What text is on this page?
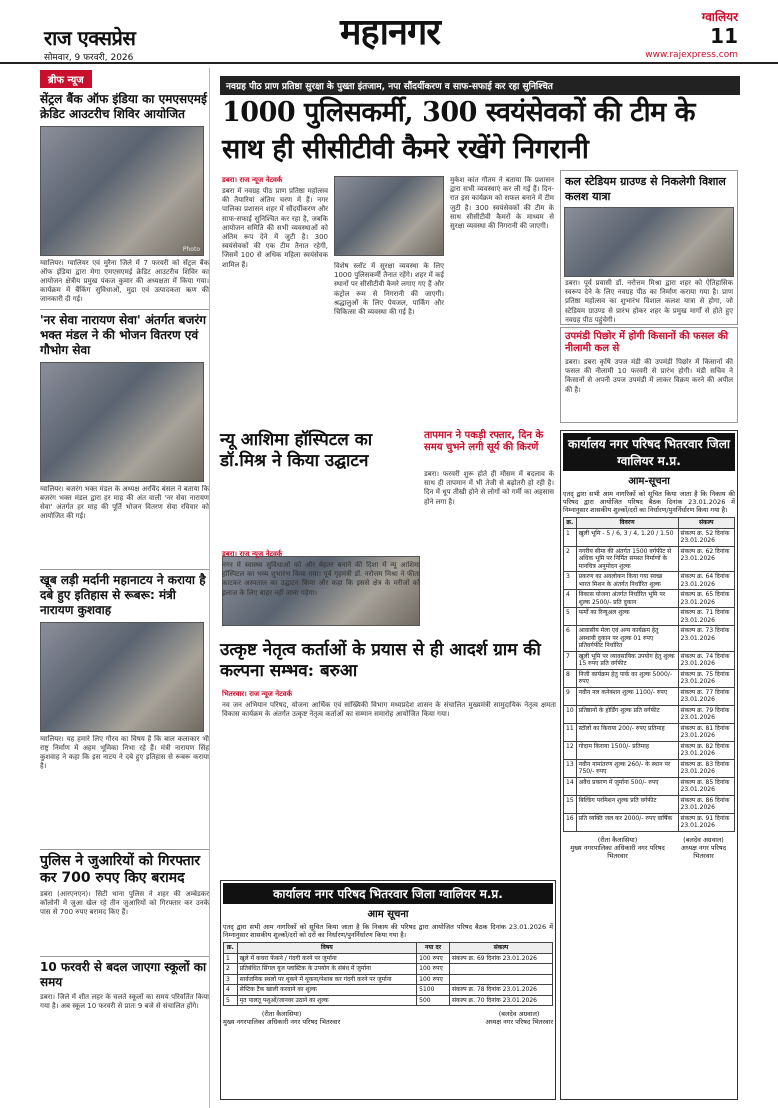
राज एक्सप्रेस
सोमवार, 9 फरवरी, 2026
महानगर	ग्वालियर
11
www.rajexpress.com
ब्रीफ न्यूज
सेंट्रल बैंक ऑफ इंडिया का एमएसएमई क्रेडिट आउटरीच शिविर आयोजित
Photo
ग्वालियर। ग्वालियर एवं मुरैना जिले में 7 फरवरी को सेंट्रल बैंक ऑफ इंडिया द्वारा मेगा एमएसएमई क्रेडिट आउटरीच शिविर का आयोजन क्षेत्रीय प्रमुख पंकज कुमार की अध्यक्षता में किया गया। कार्यक्रम में बैंकिंग सुविधाओं, मुद्रा एवं उत्पादकता ऋण की जानकारी दी गई।
'नर सेवा नारायण सेवा' अंतर्गत बजरंग भक्त मंडल ने की भोजन वितरण एवं गौभोग सेवा
ग्वालियर। बजरंग भक्त मंडल के अध्यक्ष अरविंद बंसल ने बताया कि बजरंग भक्त मंडल द्वारा हर माह की अंत वाली 'नर सेवा नारायण सेवा' अंतर्गत हर माह की पूर्ति भोजन वितरण सेवा रविवार को आयोजित की गई।
खूब लड़ी मर्दानी महानाटय ने कराया है दबे हुए इतिहास से रूबरू: मंत्री नारायण कुशवाह
ग्वालियर। यह हमारे लिए गौरव का विषय है कि बाल कलाकार भी राष्ट्र निर्माण में अहम भूमिका निभा रहे हैं। मंत्री नारायण सिंह कुशवाह ने कहा कि इस नाटय ने दबे हुए इतिहास से रूबरू कराया है।
पुलिस ने जुआरियों को गिरफ्तार कर 700 रुपए किए बरामद
डबरा (आरएनएन)। सिटी थाना पुलिस ने शहर की अम्बेडकर कॉलोनी में जुआ खेल रहे तीन जुआरियों को गिरफ्तार कर उनके पास से 700 रुपए बरामद किए हैं।
10 फरवरी से बदल जाएगा स्कूलों का समय
डबरा। जिले में शीत लहर के चलते स्कूलों का समय परिवर्तित किया गया है। अब स्कूल 10 फरवरी से प्रातः 9 बजे से संचालित होंगे।
नवग्रह पीठ प्राण प्रतिष्ठा सुरक्षा के पुख्ता इंतजाम, नपा सौंदर्यीकरण व साफ-सफाई कर रहा सुनिश्चित
1000 पुलिसकर्मी, 300 स्वयंसेवकों की टीम के साथ ही सीसीटीवी कैमरे रखेंगे निगरानी
डबरा। राज न्यूज नेटवर्क
डबरा में नवग्रह पीठ प्राण प्रतिष्ठा महोत्सव की तैयारियां अंतिम चरण में हैं। नगर पालिका प्रशासन शहर में सौंदर्यीकरण और साफ-सफाई सुनिश्चित कर रहा है, जबकि आयोजन समिति की सभी व्यवस्थाओं को अंतिम रूप देने में जुटी है। 300 स्वयंसेवकों की एक टीम तैनात रहेगी, जिसमें 100 से अधिक महिला स्वयंसेवक शामिल हैं।	विशेष स्लॉट में सुरक्षा व्यवस्था के लिए 1000 पुलिसकर्मी तैनात रहेंगे। शहर में कई स्थानों पर सीसीटीवी कैमरे लगाए गए हैं और कंट्रोल रूम से निगरानी की जाएगी। श्रद्धालुओं के लिए पेयजल, पार्किंग और चिकित्सा की व्यवस्था की गई है।
मुकेश कांत गौतम ने बताया कि प्रशासन द्वारा सभी व्यवस्थाएं कर ली गई हैं। दिन-रात इस कार्यक्रम को सफल बनाने में टीम जुटी है। 300 स्वयंसेवकों की टीम के साथ सीसीटीवी कैमरों के माध्यम से सुरक्षा व्यवस्था की निगरानी की जाएगी।
कल स्टेडियम ग्राउण्ड से निकलेगी विशाल कलश यात्रा
डबरा। पूर्व प्रवासी डॉ. नरोत्तम मिश्रा द्वारा शहर को ऐतिहासिक स्वरूप देने के लिए नवग्रह पीठ का निर्माण कराया गया है। प्राण प्रतिष्ठा महोत्सव का शुभारंभ विशाल कलश यात्रा से होगा, जो स्टेडियम ग्राउण्ड से प्रारंभ होकर शहर के प्रमुख मार्गों से होते हुए नवग्रह पीठ पहुंचेगी।
उपमंडी पिछोर में होगी किसानों की फसल की नीलामी कल से
डबरा। डबरा कृषि उपज मंडी की उपमंडी पिछोर में किसानों की फसल की नीलामी 10 फरवरी से प्रारंभ होगी। मंडी सचिव ने किसानों से अपनी उपज उपमंडी में लाकर विक्रय करने की अपील की है।
न्यू आशिमा हॉस्पिटल का डॉ.मिश्र ने किया उद्घाटन
डबरा। राज न्यूज नेटवर्क
नगर में स्वास्थ्य सुविधाओं को और बेहतर बनाने की दिशा में न्यू आशिमा हॉस्पिटल का भव्य शुभारंभ किया गया। पूर्व गृहमंत्री डॉ. नरोत्तम मिश्रा ने फीता काटकर अस्पताल का उद्घाटन किया और कहा कि इससे क्षेत्र के मरीजों को इलाज के लिए बाहर नहीं जाना पड़ेगा।
तापमान ने पकड़ी रफ्तार, दिन के समय चुभने लगी सूर्य की किरणें
डबरा। फरवरी शुरू होते ही मौसम में बदलाव के साथ ही तापमान में भी तेजी से बढ़ोतरी हो रही है। दिन में धूप तीखी होने से लोगों को गर्मी का अहसास होने लगा है।
उत्कृष्ट नेतृत्व कर्ताओं के प्रयास से ही आदर्श ग्राम की कल्पना सम्भव: बरुआ
भितरवार। राज न्यूज नेटवर्क
नव जन अभियान परिषद, योजना आर्थिक एवं सांख्यिकी विभाग मध्यप्रदेश शासन के संचालित मुख्यमंत्री सामुदायिक नेतृत्व क्षमता विकास कार्यक्रम के अंतर्गत उत्कृष्ट नेतृत्व कर्ताओं का सम्मान समारोह आयोजित किया गया।
कार्यालय नगर परिषद भितरवार जिला ग्वालियर म.प्र.
आम-सूचना
एतद् द्वारा सभी आम नागरिकों को सूचित किया जाता है कि निकाय की परिषद द्वारा आयोजित परिषद बैठक दिनांक 23.01.2026 में निम्नानुसार शासकीय शुल्कों/दरों का निर्धारण/पुनर्निर्धारण किया गया है।
क्र.	विवरण	संकल्प
1	खुली भूमि - 5 / 6, 3 / 4, 1.20 / 1.50	संकल्प क्र. 52 दिनांक 23.01.2026
2	नगरीय सीमा की अंतर्गत 1500 वर्गफीट से अधिक भूमि पर निर्मित समस्त निर्माणों के मानचित्र अनुमोदन शुल्क	संकल्प क्र. 62 दिनांक 23.01.2026
3	प्रकरण का अवलोकन किया गया स्वच्छ भारत मिशन के अंतर्गत निर्धारित शुल्क	संकल्प क्र. 64 दिनांक 23.01.2026
4	विकास योजना अंतर्गत निर्धारित भूमि पर शुल्क 2500/- प्रति दुकान	संकल्प क्र. 65 दिनांक 23.01.2026
5	फर्मों का रिन्यूअल शुल्क	संकल्प क्र. 71 दिनांक 23.01.2026
6	आवासीय मेला एवं अन्य कार्यक्रम हेतु अस्थायी दुकान पर शुल्क 01 रुपए प्रतिवर्गफीट निर्धारित	संकल्प क्र. 73 दिनांक 23.01.2026
7	खुली भूमि पर व्यावसायिक उपयोग हेतु शुल्क 15 रुपए प्रति वर्गफीट	संकल्प क्र. 74 दिनांक 23.01.2026
8	निजी कार्यक्रम हेतु पार्क का शुल्क 5000/- रुपए	संकल्प क्र. 75 दिनांक 23.01.2026
9	नवीन नल कनेक्शन शुल्क 1100/- रुपए	संकल्प क्र. 77 दिनांक 23.01.2026
10	प्रतिष्ठानों के होर्डिंग शुल्क प्रति वर्गफीट	संकल्प क्र. 79 दिनांक 23.01.2026
11	स्टॉलों का किराया 200/- रुपए प्रतिमाह	संकल्प क्र. 81 दिनांक 23.01.2026
12	गोदाम किराया 1500/- प्रतिमाह	संकल्प क्र. 82 दिनांक 23.01.2026
13	नवीन नामांतरण शुल्क 260/- के स्थान पर 750/- रुपए	संकल्प क्र. 83 दिनांक 23.01.2026
14	अवैध प्रकरण में जुर्माना 500/- रुपए	संकल्प क्र. 85 दिनांक 23.01.2026
15	बिल्डिंग परमिशन शुल्क प्रति वर्गफीट	संकल्प क्र. 86 दिनांक 23.01.2026
16	प्रति व्यक्ति जल कर 2000/- रुपए वार्षिक	संकल्प क्र. 91 दिनांक 23.01.2026
(रीता कैलासिया)
मुख्य नगरपालिका अधिकारी नगर परिषद भितरवार
(बलदेव अग्रवाल)
अध्यक्ष नगर परिषद भितरवार
कार्यालय नगर परिषद भितरवार जिला ग्वालियर म.प्र.
आम सूचना
एतद् द्वारा सभी आम नागरिकों को सूचित किया जाता है कि निकाय की परिषद द्वारा आयोजित परिषद बैठक दिनांक 23.01.2026 में निम्नानुसार शासकीय शुल्कों/दरों को दरों का निर्धारण/पुनर्निर्धारण किया गया है।
क्र.	विषय	नया दर	संकल्प
1	खुले में कचरा फेंकने / गंदगी करने पर जुर्माना	100 रुपए	संकल्प क्र. 69 दिनांक 23.01.2026
2	प्रतिबंधित सिंगल यूज प्लास्टिक के उपयोग के संबंध में जुर्माना	100 रुपए	
3	सार्वजनिक स्थलों पर थूकने में थूकना/पेशाब कर गंदगी करने पर जुर्माना	100 रुपए	
4	सेप्टिक टैंक खाली करवाने का शुल्क	5100	संकल्प क्र. 78 दिनांक 23.01.2026
5	मृत पालतू पशुओं/जानवर उठाने का शुल्क	500	संकल्प क्र. 70 दिनांक 23.01.2026
(रीता कैलासिया)
मुख्य नगरपालिका अधिकारी नगर परिषद भितरवार
(बलदेव अग्रवाल)
अध्यक्ष नगर परिषद भितरवार
